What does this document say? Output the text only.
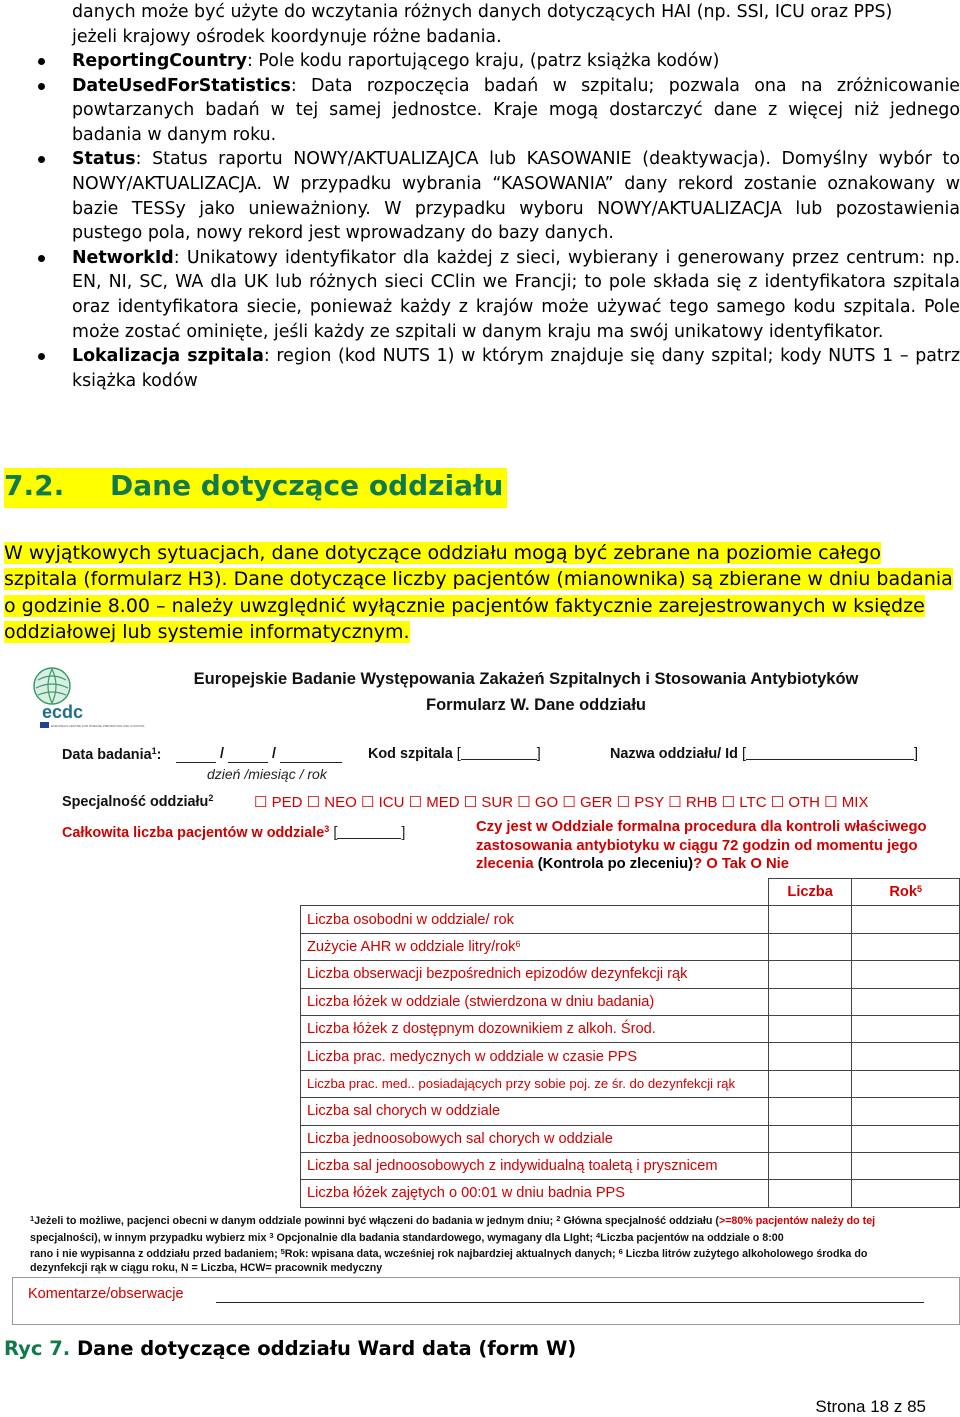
danych może być użyte do wczytania różnych danych dotyczących HAI (np. SSI, ICU oraz PPS)
jeżeli krajowy ośrodek koordynuje różne badania.
ReportingCountry: Pole kodu raportującego kraju, (patrz książka kodów)
DateUsedForStatistics: Data rozpoczęcia badań w szpitalu; pozwala ona na zróżnicowanie powtarzanych badań w tej samej jednostce. Kraje mogą dostarczyć dane z więcej niż jednego badania w danym roku.
Status: Status raportu NOWY/AKTUALIZAJCA lub KASOWANIE (deaktywacja). Domyślny wybór to NOWY/AKTUALIZACJA. W przypadku wybrania “KASOWANIA” dany rekord zostanie oznakowany w bazie TESSy jako unieważniony. W przypadku wyboru NOWY/AKTUALIZACJA lub pozostawienia pustego pola, nowy rekord jest wprowadzany do bazy danych.
NetworkId: Unikatowy identyfikator dla każdej z sieci, wybierany i generowany przez centrum: np. EN, NI, SC, WA dla UK lub różnych sieci CClin we Francji; to pole składa się z identyfikatora szpitala oraz identyfikatora siecie, ponieważ każdy z krajów może używać tego samego kodu szpitala. Pole może zostać ominięte, jeśli każdy ze szpitali w danym kraju ma swój unikatowy identyfikator.
Lokalizacja szpitala: region (kod NUTS 1) w którym znajduje się dany szpital; kody NUTS 1 – patrz książka kodów
7.2. Dane dotyczące oddziału
W wyjątkowych sytuacjach, dane dotyczące oddziału mogą być zebrane na poziomie całego szpitala (formularz H3). Dane dotyczące liczby pacjentów (mianownika) są zbierane w dniu badania o godzinie 8.00 – należy uwzględnić wyłącznie pacjentów faktycznie zarejestrowanych w księdze oddziałowej lub systemie informatycznym.
ecdc
EUROPEAN CENTRE FOR DISEASE PREVENTION AND CONTROL
Europejskie Badanie Występowania Zakażeń Szpitalnych i Stosowania Antybiotyków
Formularz W. Dane oddziału
Data badania$^1$:	/	/
dzień /miesiąc / rok
Kod szpitala [	]	Nazwa oddziału/ Id [	]
Specjalność oddziału$^2$	☐ PED ☐ NEO ☐ ICU ☐ MED ☐ SUR ☐ GO ☐ GER ☐ PSY ☐ RHB ☐ LTC ☐ OTH ☐ MIX
Całkowita liczba pacjentów w oddziale$^3$ [	]	Czy jest w Oddziale formalna procedura dla kontroli właściwego zastosowania antybiotyku w ciągu 72 godzin od momentu jego zlecenia (Kontrola po zleceniu)? O Tak O Nie
	Liczba	Rok$^5$
Liczba osobodni w oddziale/ rok		
Zużycie AHR w oddziale litry/rok$^6$		
Liczba obserwacji bezpośrednich epizodów dezynfekcji rąk		
Liczba łóżek w oddziale (stwierdzona w dniu badania)		
Liczba łóżek z dostępnym dozownikiem z alkoh. Środ.		
Liczba prac. medycznych w oddziale w czasie PPS		
Liczba prac. med.. posiadających przy sobie poj. ze śr. do dezynfekcji rąk		
Liczba sal chorych w oddziale		
Liczba jednoosobowych sal chorych w oddziale		
Liczba sal jednoosobowych z indywidualną toaletą i prysznicem		
Liczba łóżek zajętych o 00:01 w dniu badnia PPS		
$^1$Jeżeli to możliwe, pacjenci obecni w danym oddziale powinni być włączeni do badania w jednym dniu; $^2$ Główna specjalność oddziału (>=80% pacjentów należy do tej
specjalności), w innym przypadku wybierz mix $^3$ Opcjonalnie dla badania standardowego, wymagany dla LIght; $^4$Liczba pacjentów na oddziale o 8:00
rano i nie wypisanna z oddziału przed badaniem; $^5$Rok: wpisana data, wcześniej rok najbardziej aktualnych danych; $^6$ Liczba litrów zużytego alkoholowego środka do
dezynfekcji rąk w ciągu roku, N = Liczba, HCW= pracownik medyczny
Komentarze/obserwacje
Ryc 7. Dane dotyczące oddziału Ward data (form W)
Strona 18 z 85
